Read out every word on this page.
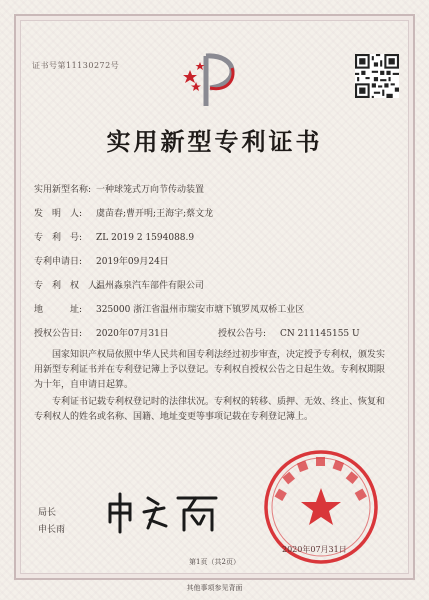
证书号第11130272号
实用新型专利证书
实用新型名称: 一种球笼式万向节传动装置
发　明　人: 虞苗春;曹开明;王海宇;蔡文龙
专　利　号: ZL 2019 2 1594088.9
专利申请日: 2019年09月24日
专　利　权　人:温州淼泉汽车部件有限公司
地　　　址: 325000 浙江省温州市瑞安市塘下镇罗凤双桥工业区
授权公告日: 2020年07月31日	授权公告号: CN 211145155 U

国家知识产权局依照中华人民共和国专利法经过初步审查，决定授予专利权，颁发实用新型专利证书并在专利登记簿上予以登记。专利权自授权公告之日起生效。专利权期限为十年，自申请日起算。

专利证书记载专利权登记时的法律状况。专利权的转移、质押、无效、终止、恢复和专利权人的姓名或名称、国籍、地址变更等事项记载在专利登记簿上。

局长
申长雨
2020年07月31日
第1页（共2页）
其他事项参见背面
